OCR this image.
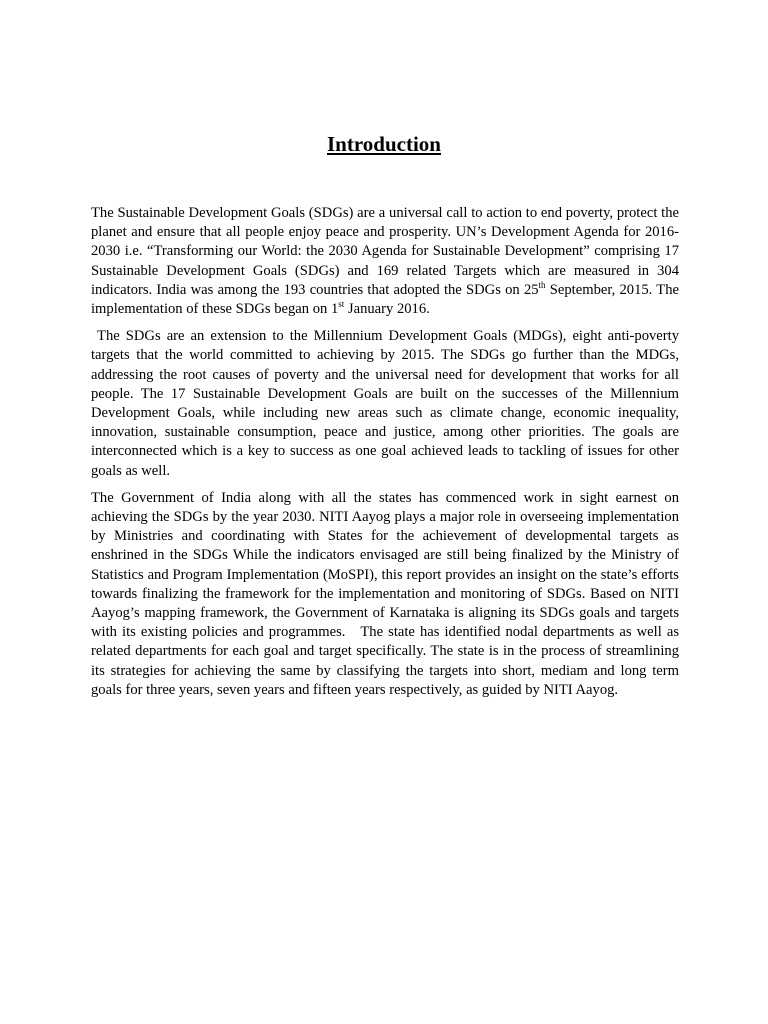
Introduction

The Sustainable Development Goals (SDGs) are a universal call to action to end poverty, protect the planet and ensure that all people enjoy peace and prosperity. UN’s Development Agenda for 2016-2030 i.e. “Transforming our World: the 2030 Agenda for Sustainable Development” comprising 17 Sustainable Development Goals (SDGs) and 169 related Targets which are measured in 304 indicators. India was among the 193 countries that adopted the SDGs on 25th September, 2015. The implementation of these SDGs began on 1st January 2016.

The SDGs are an extension to the Millennium Development Goals (MDGs), eight anti-poverty targets that the world committed to achieving by 2015. The SDGs go further than the MDGs, addressing the root causes of poverty and the universal need for development that works for all people. The 17 Sustainable Development Goals are built on the successes of the Millennium Development Goals, while including new areas such as climate change, economic inequality, innovation, sustainable consumption, peace and justice, among other priorities. The goals are interconnected which is a key to success as one goal achieved leads to tackling of issues for other goals as well.

The Government of India along with all the states has commenced work in sight earnest on achieving the SDGs by the year 2030. NITI Aayog plays a major role in overseeing implementation by Ministries and coordinating with States for the achievement of developmental targets as enshrined in the SDGs While the indicators envisaged are still being finalized by the Ministry of Statistics and Program Implementation (MoSPI), this report provides an insight on the state’s efforts towards finalizing the framework for the implementation and monitoring of SDGs. Based on NITI Aayog’s mapping framework, the Government of Karnataka is aligning its SDGs goals and targets with its existing policies and programmes.   The state has identified nodal departments as well as related departments for each goal and target specifically. The state is in the process of streamlining its strategies for achieving the same by classifying the targets into short, mediam and long term goals for three years, seven years and fifteen years respectively, as guided by NITI Aayog.
